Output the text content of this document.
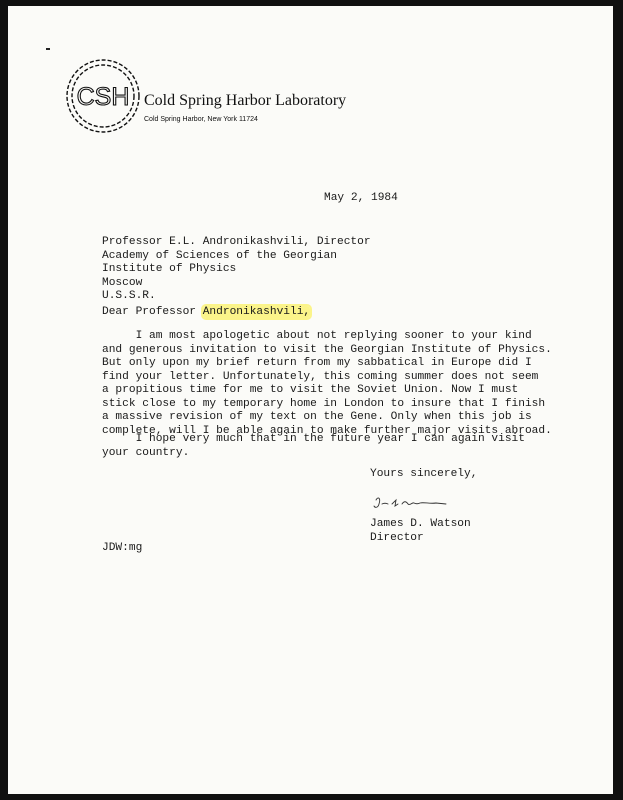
CSH Cold Spring Harbor Laboratory
Cold Spring Harbor, New York 11724
May 2, 1984
Professor E.L. Andronikashvili, Director
Academy of Sciences of the Georgian
Institute of Physics
Moscow
U.S.S.R.
Dear Professor Andronikashvili,
I am most apologetic about not replying sooner to your kind
and generous invitation to visit the Georgian Institute of Physics.
But only upon my brief return from my sabbatical in Europe did I
find your letter. Unfortunately, this coming summer does not seem
a propitious time for me to visit the Soviet Union. Now I must
stick close to my temporary home in London to insure that I finish
a massive revision of my text on the Gene. Only when this job is
complete, will I be able again to make further major visits abroad.
I hope very much that in the future year I can again visit
your country.
Yours sincerely,
James D. Watson
Director
JDW:mg
